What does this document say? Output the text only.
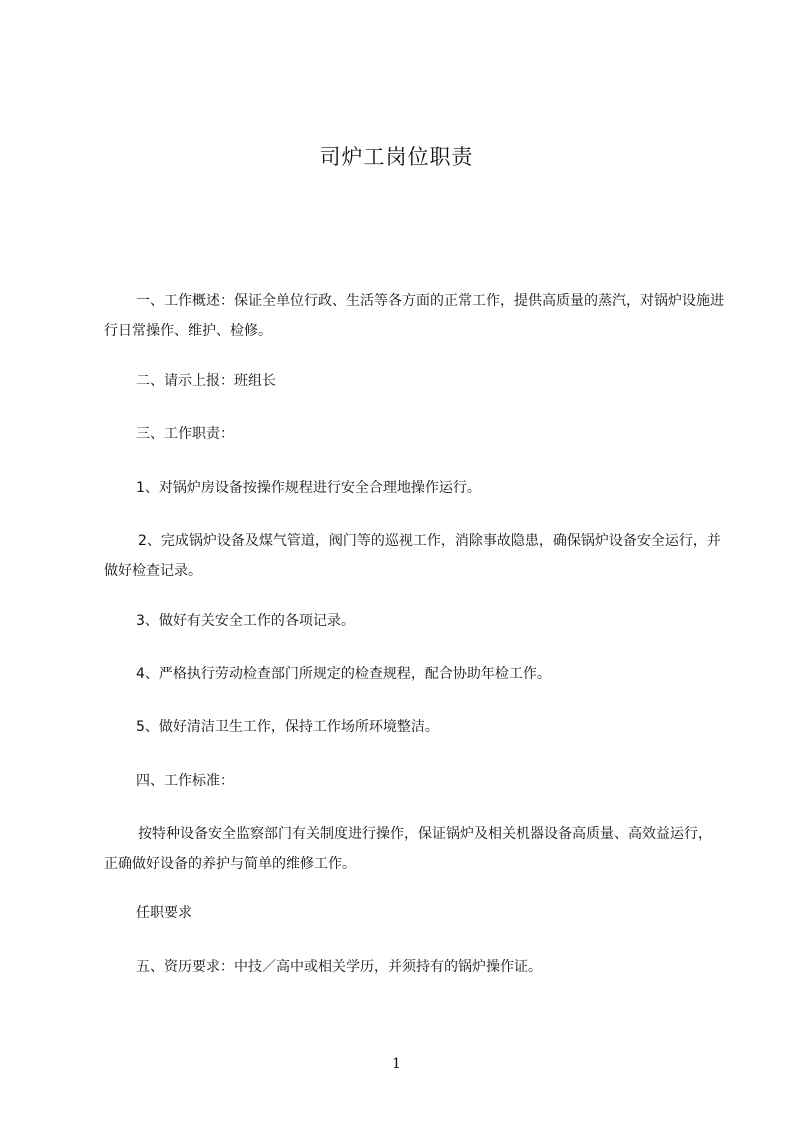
司炉工岗位职责

一、工作概述：保证全单位行政、生活等各方面的正常工作，提供高质量的蒸汽，对锅炉设施进行日常操作、维护、检修。

二、请示上报：班组长

三、工作职责：

1、对锅炉房设备按操作规程进行安全合理地操作运行。

2、完成锅炉设备及煤气管道，阀门等的巡视工作，消除事故隐患，确保锅炉设备安全运行，并做好检查记录。

3、做好有关安全工作的各项记录。

4、严格执行劳动检查部门所规定的检查规程，配合协助年检工作。

5、做好清洁卫生工作，保持工作场所环境整洁。

四、工作标准：

按特种设备安全监察部门有关制度进行操作，保证锅炉及相关机器设备高质量、高效益运行，正确做好设备的养护与简单的维修工作。

任职要求

五、资历要求：中技／高中或相关学历，并须持有的锅炉操作证。

1
